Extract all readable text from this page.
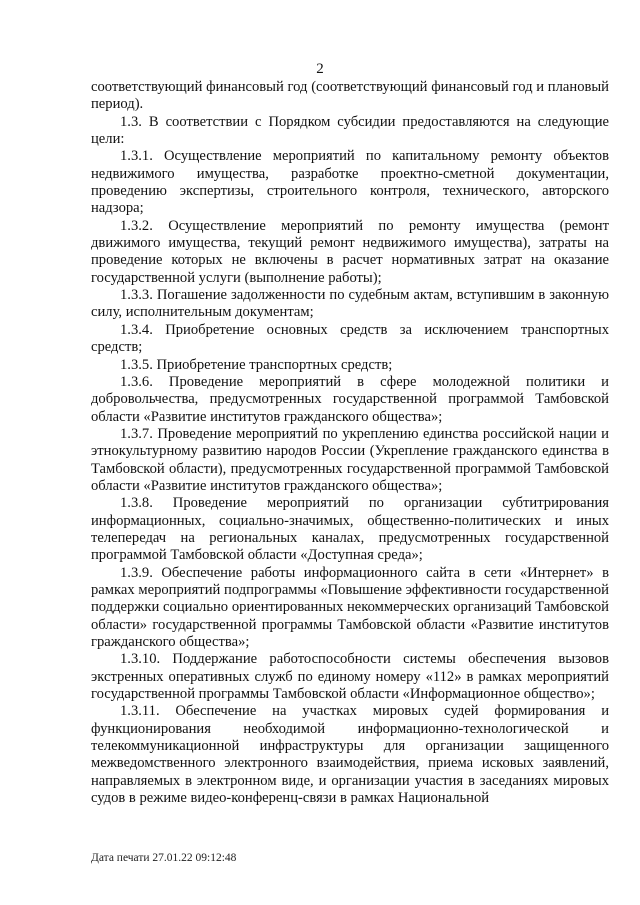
2

соответствующий финансовый год (соответствующий финансовый год и плановый период).

1.3. В соответствии с Порядком субсидии предоставляются на следующие цели:

1.3.1. Осуществление мероприятий по капитальному ремонту объектов недвижимого имущества, разработке проектно-сметной документации, проведению экспертизы, строительного контроля, технического, авторского надзора;

1.3.2. Осуществление мероприятий по ремонту имущества (ремонт движимого имущества, текущий ремонт недвижимого имущества), затраты на проведение которых не включены в расчет нормативных затрат на оказание государственной услуги (выполнение работы);

1.3.3. Погашение задолженности по судебным актам, вступившим в законную силу, исполнительным документам;

1.3.4. Приобретение основных средств за исключением транспортных средств;

1.3.5. Приобретение транспортных средств;

1.3.6. Проведение мероприятий в сфере молодежной политики и добровольчества, предусмотренных государственной программой Тамбовской области «Развитие институтов гражданского общества»;

1.3.7. Проведение мероприятий по укреплению единства российской нации и этнокультурному развитию народов России (Укрепление гражданского единства в Тамбовской области), предусмотренных государственной программой Тамбовской области «Развитие институтов гражданского общества»;

1.3.8. Проведение мероприятий по организации субтитрирования информационных, социально-значимых, общественно-политических и иных телепередач на региональных каналах, предусмотренных государственной программой Тамбовской области «Доступная среда»;

1.3.9. Обеспечение работы информационного сайта в сети «Интернет» в рамках мероприятий подпрограммы «Повышение эффективности государственной поддержки социально ориентированных некоммерческих организаций Тамбовской области» государственной программы Тамбовской области «Развитие институтов гражданского общества»;

1.3.10. Поддержание работоспособности системы обеспечения вызовов экстренных оперативных служб по единому номеру «112» в рамках мероприятий государственной программы Тамбовской области «Информационное общество»;

1.3.11. Обеспечение на участках мировых судей формирования и функционирования необходимой информационно-технологической и телекоммуникационной инфраструктуры для организации защищенного межведомственного электронного взаимодействия, приема исковых заявлений, направляемых в электронном виде, и организации участия в заседаниях мировых судов в режиме видео-конференц-связи в рамках Национальной

Дата печати 27.01.22 09:12:48
